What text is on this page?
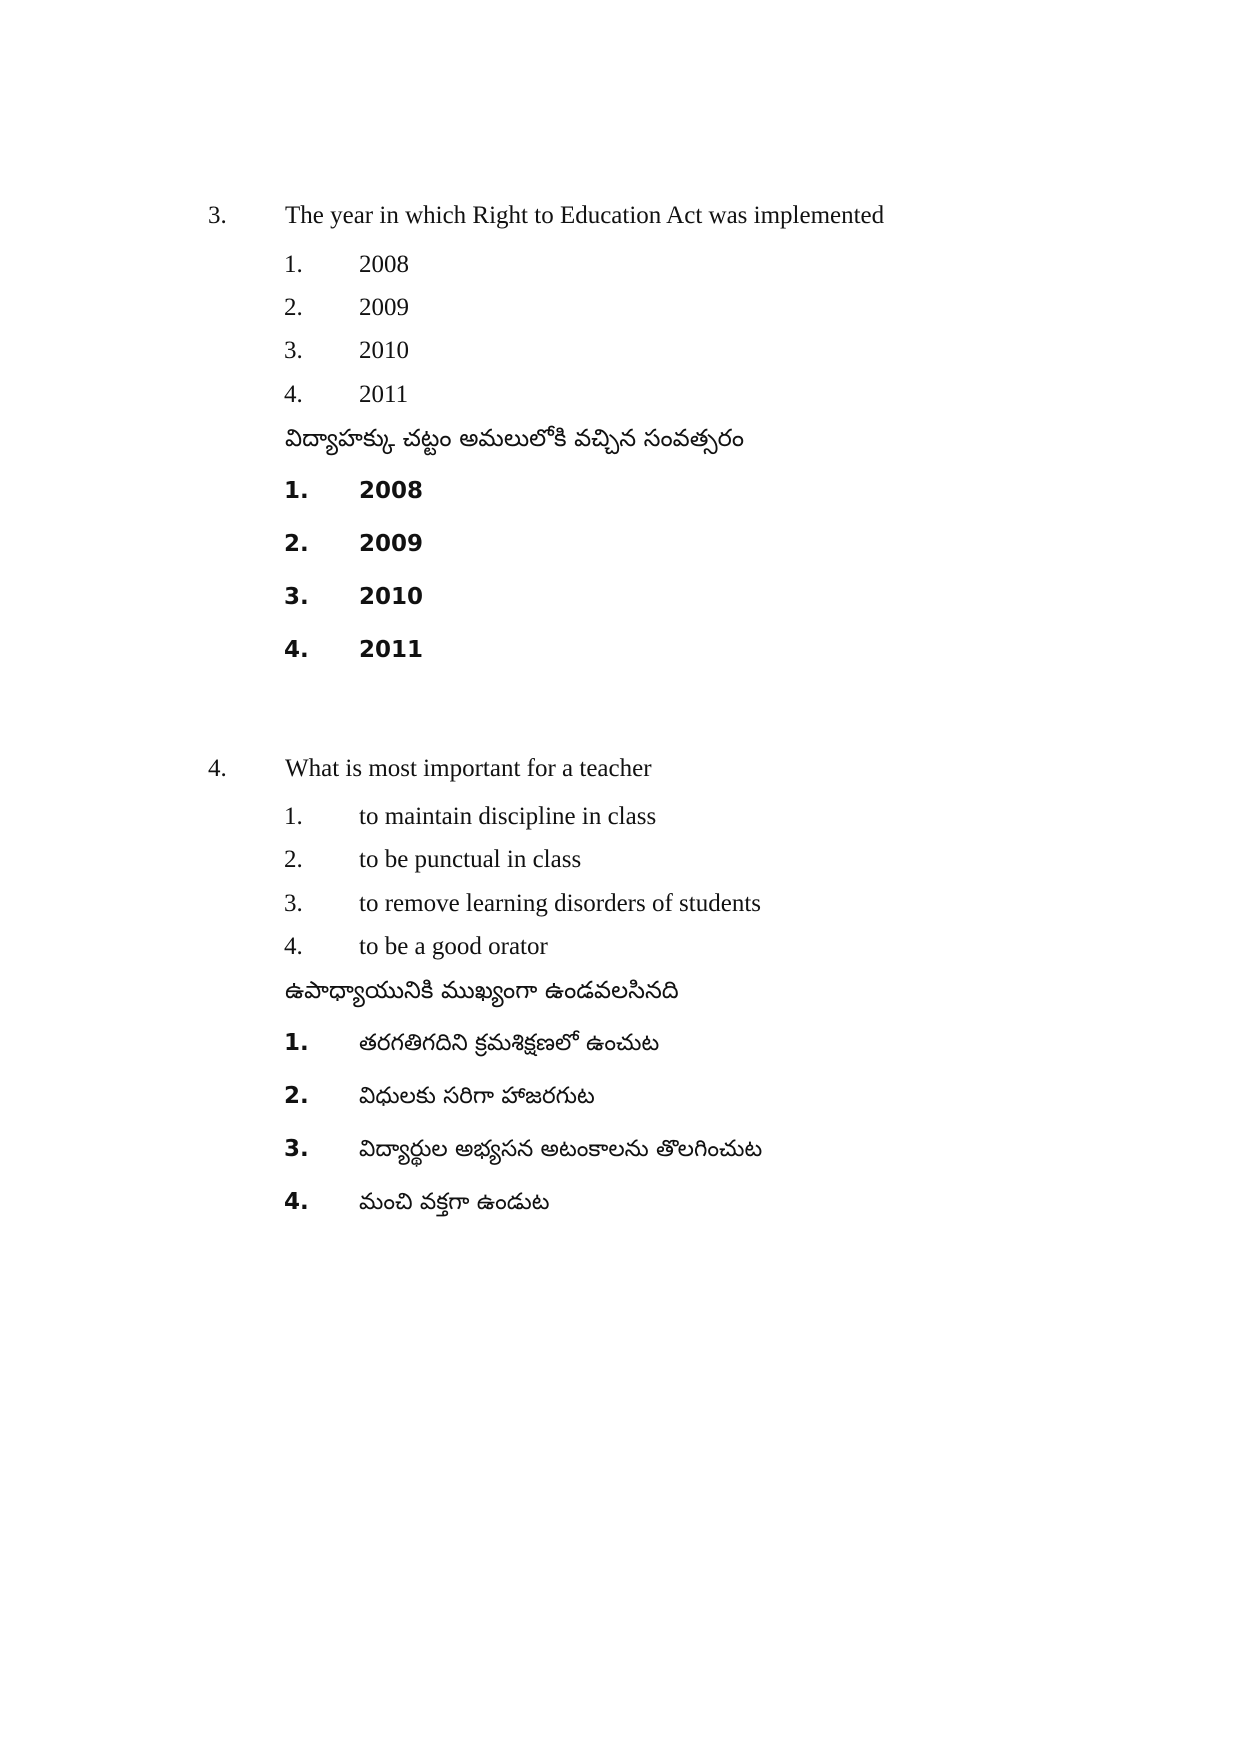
3. The year in which Right to Education Act was implemented
1. 2008
2. 2009
3. 2010
4. 2011
విద్యాహక్కు చట్టం అమలులోకి వచ్చిన సంవత్సరం
1. 2008
2. 2009
3. 2010
4. 2011
4. What is most important for a teacher
1. to maintain discipline in class
2. to be punctual in class
3. to remove learning disorders of students
4. to be a good orator
ఉపాధ్యాయునికి ముఖ్యంగా ఉండవలసినది
1. తరగతిగదిని క్రమశిక్షణలో ఉంచుట
2. విధులకు సరిగా హాజరగుట
3. విద్యార్థుల అభ్యసన అటంకాలను తొలగించుట
4. మంచి వక్తగా ఉండుట
